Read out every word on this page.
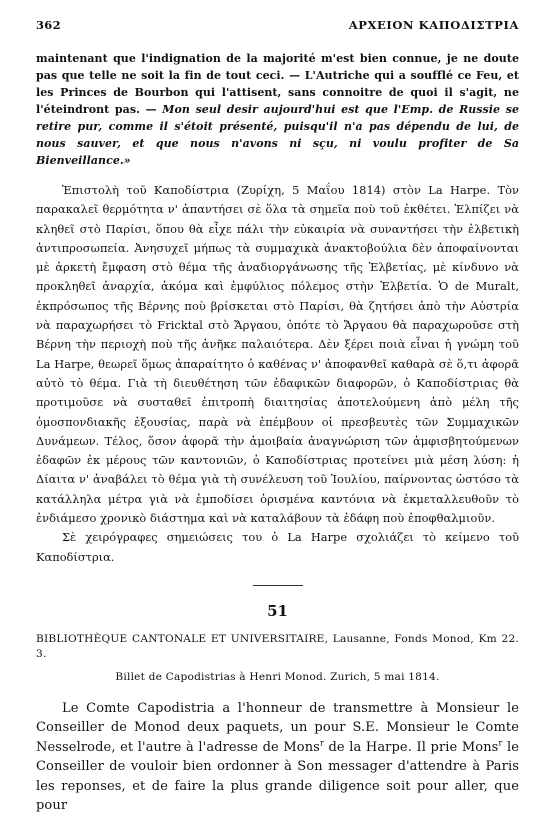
362	ΑΡΧΕΙΟΝ ΚΑΠΟΔΙΣΤΡΙΑ

maintenant que l'indignation de la majorité m'est bien connue, je ne doute pas que telle ne soit la fin de tout ceci. — L'Autriche qui a soufflé ce Feu, et les Princes de Bourbon qui l'attisent, sans connoitre de quoi il s'agit, ne l'éteindront pas. — Mon seul desir aujourd'hui est que l'Emp. de Russie se retire pur, comme il s'étoit présenté, puisqu'il n'a pas dépendu de lui, de nous sauver, et que nous n'avons ni sçu, ni voulu profiter de Sa Bienveillance.»

Ἐπιστολὴ τοῦ Καποδίστρια (Ζυρίχη, 5 Μαΐου 1814) στὸν La Harpe. Τὸν παρακαλεῖ θερμότητα ν' ἀπαντήσει σὲ ὅλα τὰ σημεῖα ποὺ τοῦ ἐκθέτει. Ἐλπίζει νὰ κληθεῖ στὸ Παρίσι, ὅπου θὰ εἶχε πάλι τὴν εὐκαιρία νὰ συναντήσει τὴν ἐλβετικὴ ἀντιπροσωπεία. Ἀνησυχεῖ μήπως τὰ συμμαχικὰ ἀνακτοβούλια δὲν ἀποφαίνονται μὲ ἀρκετὴ ἔμφαση στὸ θέμα τῆς ἀναδιοργάνωσης τῆς Ἑλβετίας, μὲ κίνδυνο νὰ προκληθεῖ ἀναρχία, ἀκόμα καὶ ἐμφύλιος πόλεμος στὴν Ἑλβετία. Ὁ de Muralt, ἐκπρόσωπος τῆς Βέρνης ποὺ βρίσκεται στὸ Παρίσι, θὰ ζητήσει ἀπὸ τὴν Αὐστρία νὰ παραχωρήσει τὸ Fricktal στὸ Ἄργαου, ὁπότε τὸ Ἄργαου θὰ παραχωροῦσε στὴ Βέρνη τὴν περιοχὴ ποὺ τῆς ἀνῆκε παλαιότερα. Δὲν ξέρει ποιὰ εἶναι ἡ γνώμη τοῦ La Harpe, θεωρεῖ ὅμως ἀπαραίτητο ὁ καθένας ν' ἀποφανθεῖ καθαρὰ σὲ ὅ,τι ἀφορᾶ αὐτὸ τὸ θέμα. Γιὰ τὴ διευθέτηση τῶν ἐδαφικῶν διαφορῶν, ὁ Καποδίστριας θὰ προτιμοῦσε νὰ συσταθεῖ ἐπιτροπὴ διαιτησίας ἀποτελούμενη ἀπὸ μέλη τῆς ὁμοσπονδιακῆς ἐξουσίας, παρὰ νὰ ἐπέμβουν οἱ πρεσβευτὲς τῶν Συμμαχικῶν Δυνάμεων. Τέλος, ὅσον ἀφορᾶ τὴν ἀμοιβαία ἀναγνώριση τῶν ἀμφισβητούμενων ἐδαφῶν ἐκ μέρους τῶν καντονιῶν, ὁ Καποδίστριας προτείνει μιὰ μέση λύση: ἡ Δίαιτα ν' ἀναβάλει τὸ θέμα γιὰ τὴ συνέλευση τοῦ Ἰουλίου, παίρνοντας ὡστόσο τὰ κατάλληλα μέτρα γιὰ νὰ ἐμποδίσει ὁρισμένα καντόνια νὰ ἐκμεταλλευθοῦν τὸ ἐνδιάμεσο χρονικὸ διάστημα καὶ νὰ καταλάβουν τὰ ἐδάφη ποὺ ἐποφθαλμιοῦν.

Σὲ χειρόγραφες σημειώσεις του ὁ La Harpe σχολιάζει τὸ κείμενο τοῦ Καποδίστρια.

51

BIBLIOTHÈQUE CANTONALE ET UNIVERSITAIRE, Lausanne, Fonds Monod, Km 22. 3.

Billet de Capodistrias à Henri Monod. Zurich, 5 mai 1814.

Le Comte Capodistria a l'honneur de transmettre à Monsieur le Conseiller de Monod deux paquets, un pour S.E. Monsieur le Comte Nesselrode, et l'autre à l'adresse de Mons$^r$ de la Harpe. Il prie Mons$^r$ le Conseiller de vouloir bien ordonner à Son messager d'attendre à Paris les reponses, et de faire la plus grande diligence soit pour aller, que pour
